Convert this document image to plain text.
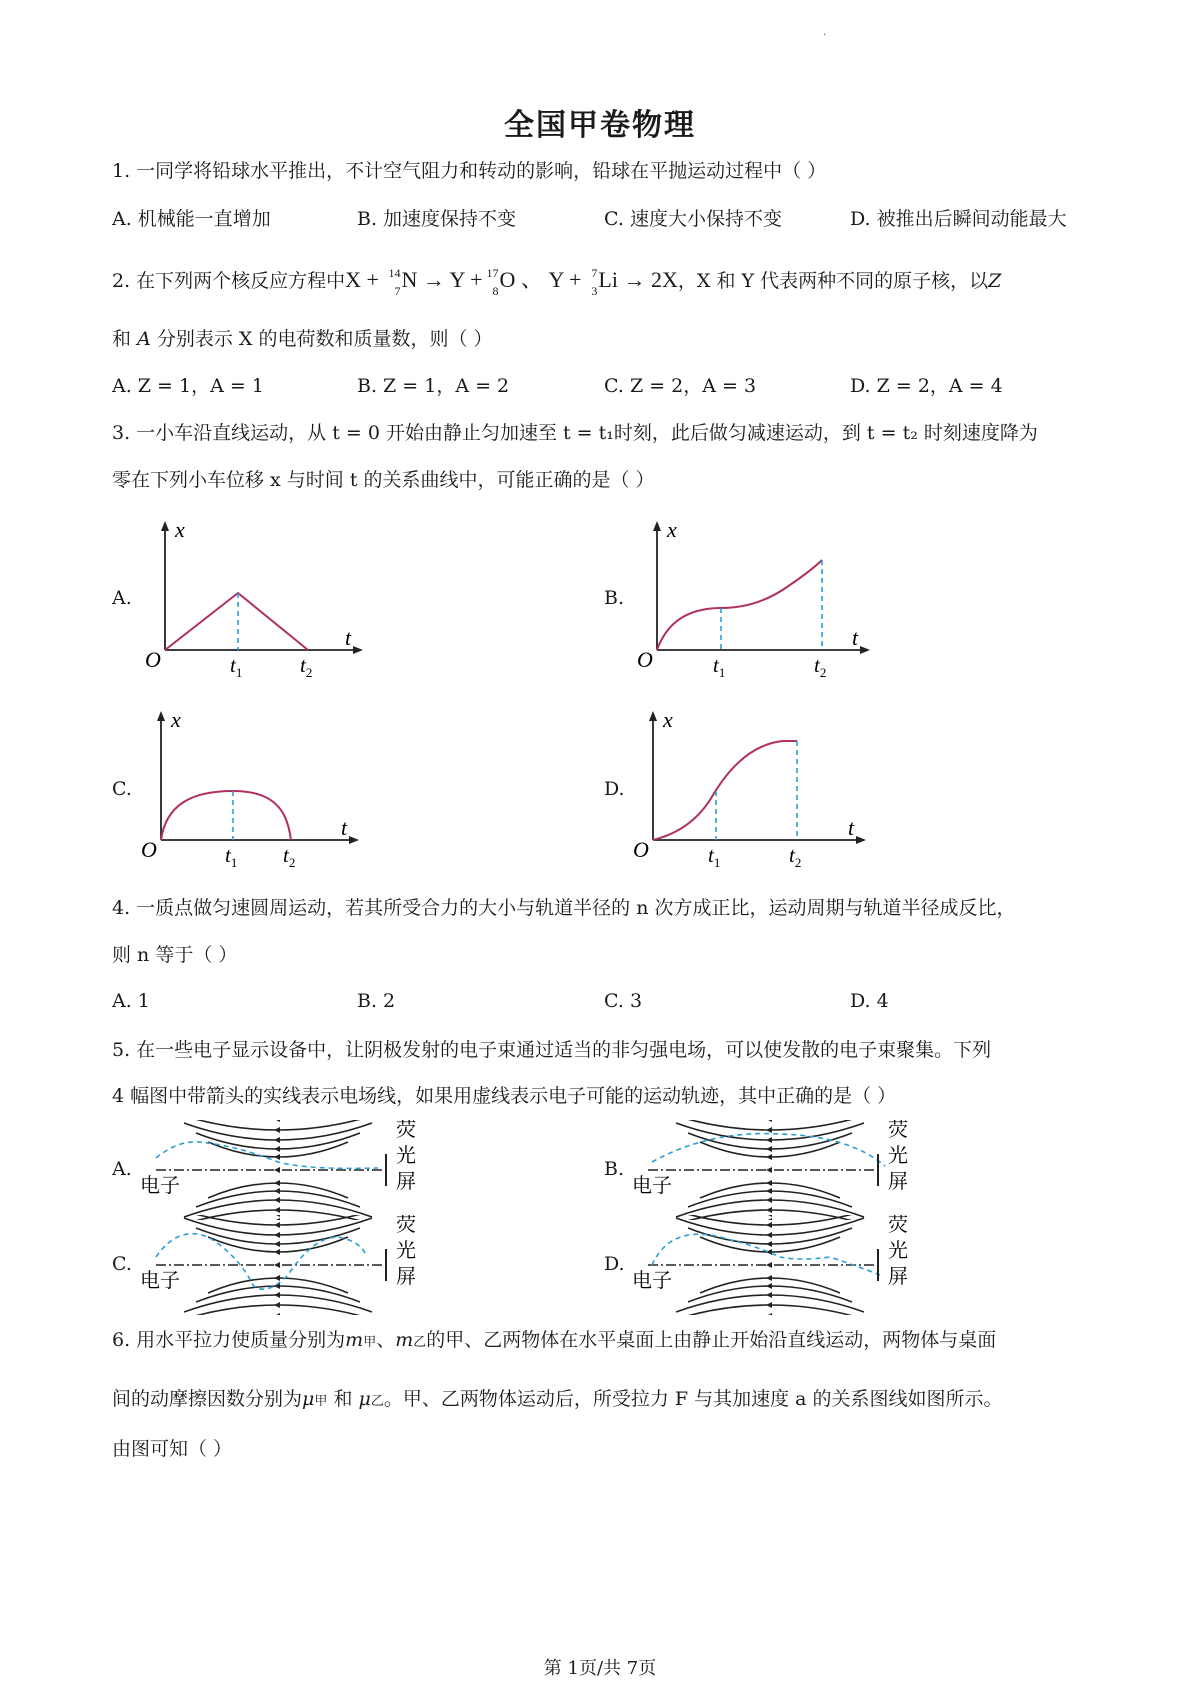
·
全国甲卷物理
1. 一同学将铅球水平推出，不计空气阻力和转动的影响，铅球在平抛运动过程中（ ）
A. 机械能一直增加	B. 加速度保持不变	C. 速度大小保持不变	D. 被推出后瞬间动能最大
2. 在下列两个核反应方程中X + 14
7 N → Y + 17
8 O 、 Y + 7
3 Li → 2X，X 和 Y 代表两种不同的原子核，以Z
和 A 分别表示 X 的电荷数和质量数，则（ ）
A. Z = 1，A = 1	B. Z = 1，A = 2	C. Z = 2，A = 3	D. Z = 2，A = 4
3. 一小车沿直线运动，从 t = 0 开始由静止匀加速至 t = t₁时刻，此后做匀减速运动，到 t = t₂ 时刻速度降为
零在下列小车位移 x 与时间 t 的关系曲线中，可能正确的是（ ）
A.	B.
C.	D.
O
x
t
$t_1$	$t_2$
O
x
t
$t_1$	$t_2$
O
x
t
$t_1$ $t_2$
O
x
t
$t_1$	$t_2$
4. 一质点做匀速圆周运动，若其所受合力的大小与轨道半径的 n 次方成正比，运动周期与轨道半径成反比，
则 n 等于（ ）
A. 1	B. 2	C. 3	D. 4
5. 在一些电子显示设备中，让阴极发射的电子束通过适当的非匀强电场，可以使发散的电子束聚集。下列
4 幅图中带箭头的实线表示电场线，如果用虚线表示电子可能的运动轨迹，其中正确的是（ ）
A.	B.
C.	D.
电子
荧
光
屏	电子
荧
光
屏
电子
荧
光
屏	电子
荧
光
屏
6. 用水平拉力使质量分别为m甲、m乙的甲、乙两物体在水平桌面上由静止开始沿直线运动，两物体与桌面
间的动摩擦因数分别为μ甲 和 μ乙。甲、乙两物体运动后，所受拉力 F 与其加速度 a 的关系图线如图所示。
由图可知（ ）
第 1页/共 7页
